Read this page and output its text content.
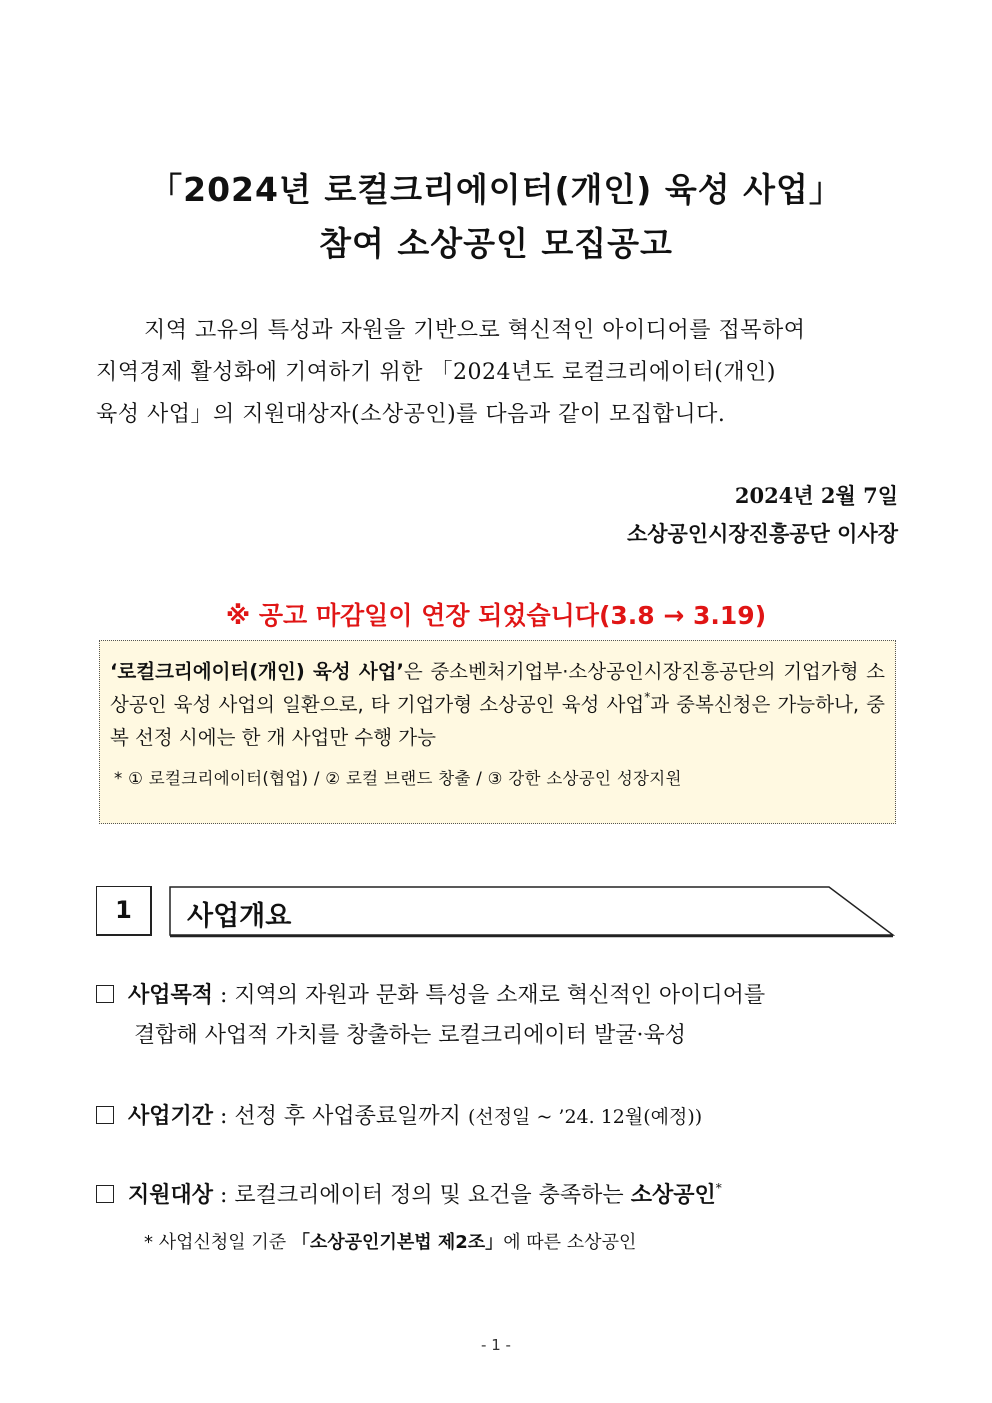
「2024년 로컬크리에이터(개인) 육성 사업」
참여 소상공인 모집공고
지역 고유의 특성과 자원을 기반으로 혁신적인 아이디어를 접목하여
지역경제 활성화에 기여하기 위한 「2024년도 로컬크리에이터(개인)
육성 사업」의 지원대상자(소상공인)를 다음과 같이 모집합니다.
2024년 2월 7일
소상공인시장진흥공단 이사장
※ 공고 마감일이 연장 되었습니다(3.8 → 3.19)
‘로컬크리에이터(개인) 육성 사업’은 중소벤처기업부·소상공인시장진흥공단의 기업가형 소상공인 육성 사업의 일환으로, 타 기업가형 소상공인 육성 사업*과 중복신청은 가능하나, 중복 선정 시에는 한 개 사업만 수행 가능
* ① 로컬크리에이터(협업) / ② 로컬 브랜드 창출 / ③ 강한 소상공인 성장지원
1	사업개요
사업목적 : 지역의 자원과 문화 특성을 소재로 혁신적인 아이디어를
결합해 사업적 가치를 창출하는 로컬크리에이터 발굴·육성
사업기간 : 선정 후 사업종료일까지 (선정일 ~ ’24. 12월(예정))
지원대상 : 로컬크리에이터 정의 및 요건을 충족하는 소상공인*
* 사업신청일 기준 「소상공인기본법 제2조」에 따른 소상공인
- 1 -
